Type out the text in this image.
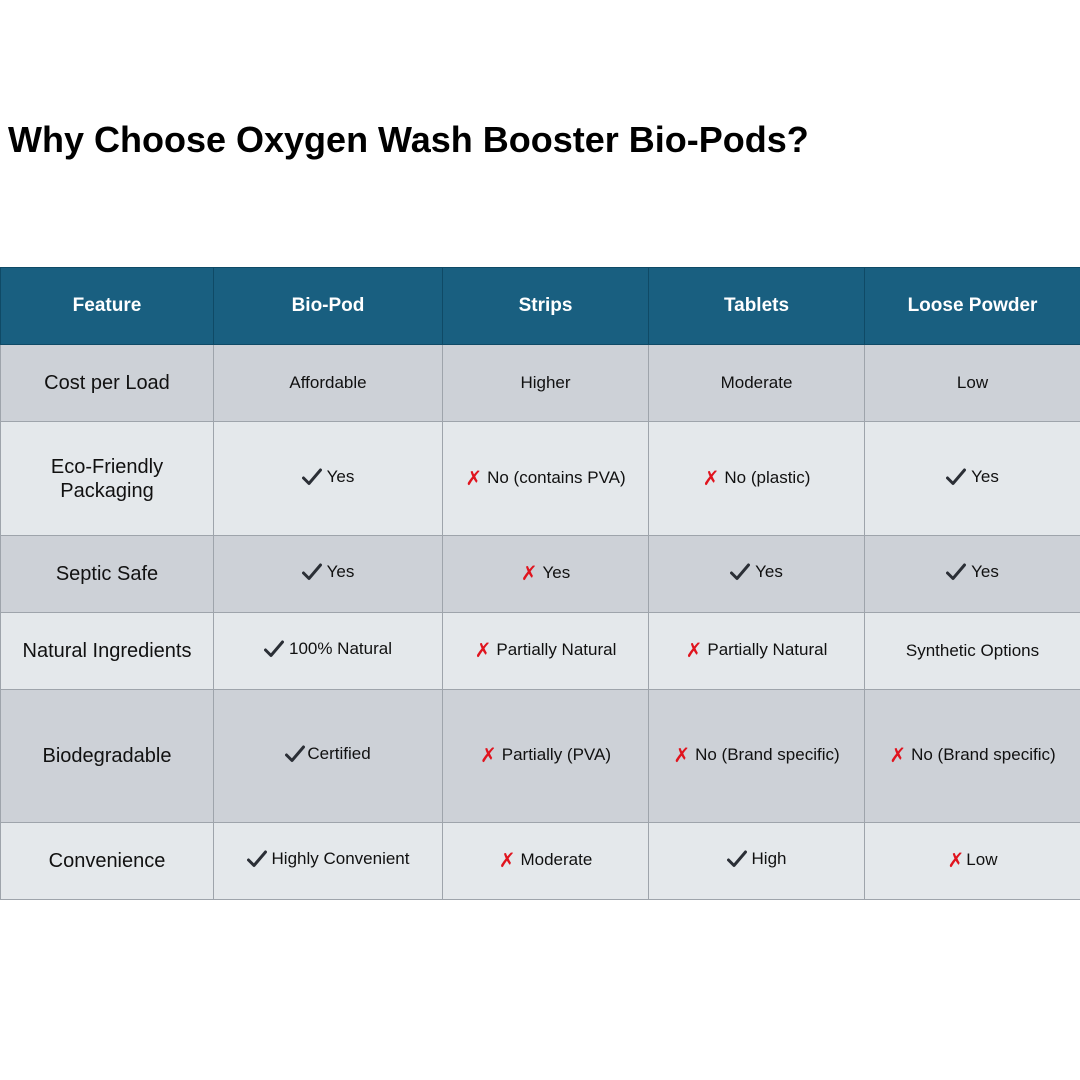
Why Choose Oxygen Wash Booster Bio-Pods?
Feature	Bio-Pod	Strips	Tablets	Loose Powder
Cost per Load	Affordable	Higher	Moderate	Low

Eco-Friendly
Packaging	Yes	✗ No (contains PVA)	✗ No (plastic)	Yes

Septic Safe	Yes	✗ Yes	Yes	Yes

Natural Ingredients	100% Natural	✗ Partially Natural	✗ Partially Natural	Synthetic Options

Biodegradable	Certified	✗ Partially (PVA)	✗ No (Brand specific)	✗ No (Brand specific)

Convenience	Highly Convenient	✗ Moderate	High	✗ Low
